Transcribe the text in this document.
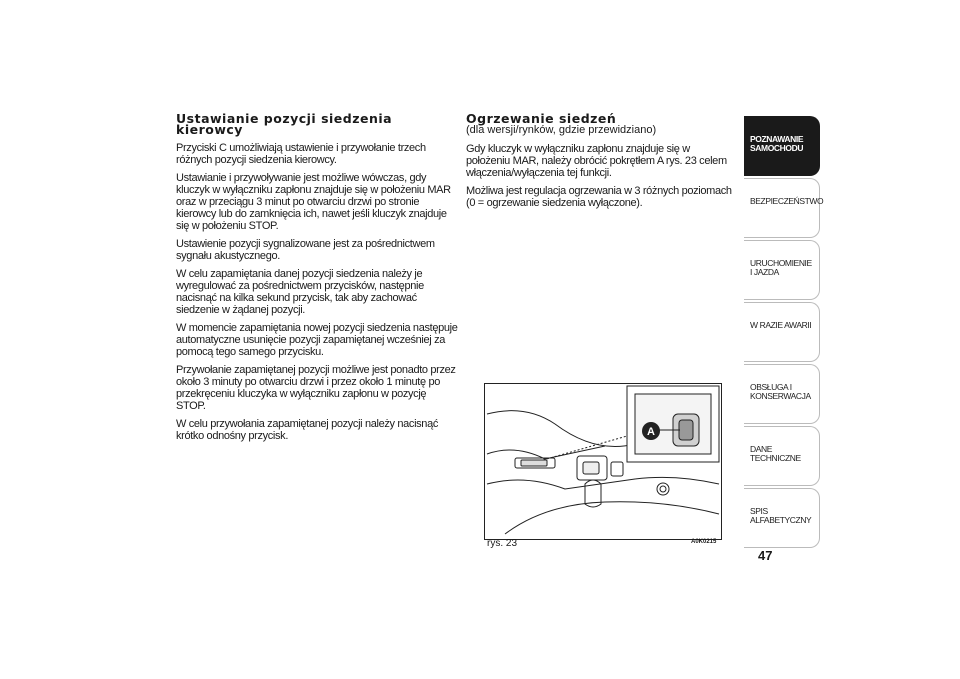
Ustawianie pozycji siedzenia kierowcy

Przyciski C umożliwiają ustawienie i przywołanie trzech różnych pozycji siedzenia kierowcy.

Ustawianie i przywoływanie jest możliwe wówczas, gdy kluczyk w wyłączniku zapłonu znajduje się w położeniu MAR oraz w przeciągu 3 minut po otwarciu drzwi po stronie kierowcy lub do zamknięcia ich, nawet jeśli kluczyk znajduje się w położeniu STOP.

Ustawienie pozycji sygnalizowane jest za pośrednictwem sygnału akustycznego.

W celu zapamiętania danej pozycji siedzenia należy je wyregulować za pośrednictwem przycisków, następnie nacisnąć na kilka sekund przycisk, tak aby zachować siedzenie w żądanej pozycji.

W momencie zapamiętania nowej pozycji siedzenia następuje automatyczne usunięcie pozycji zapamiętanej wcześniej za pomocą tego samego przycisku.

Przywołanie zapamiętanej pozycji możliwe jest ponadto przez około 3 minuty po otwarciu drzwi i przez około 1 minutę po przekręceniu kluczyka w wyłączniku zapłonu w pozycję STOP.

W celu przywołania zapamiętanej pozycji należy nacisnąć krótko odnośny przycisk.

Ogrzewanie siedzeń
(dla wersji/rynków, gdzie przewidziano)

Gdy kluczyk w wyłączniku zapłonu znajduje się w położeniu MAR, należy obrócić pokrętłem A rys. 23 celem włączenia/wyłączenia tej funkcji.

Możliwa jest regulacja ogrzewania w 3 różnych poziomach (0 = ogrzewanie siedzenia wyłączone).

A
rys. 23	A0K0215
POZNAWANIE SAMOCHODU
BEZPIECZEŃSTWO
URUCHOMIENIE I JAZDA
W RAZIE AWARII
OBSŁUGA I KONSERWACJA
DANE TECHNICZNE
SPIS ALFABETYCZNY
47
